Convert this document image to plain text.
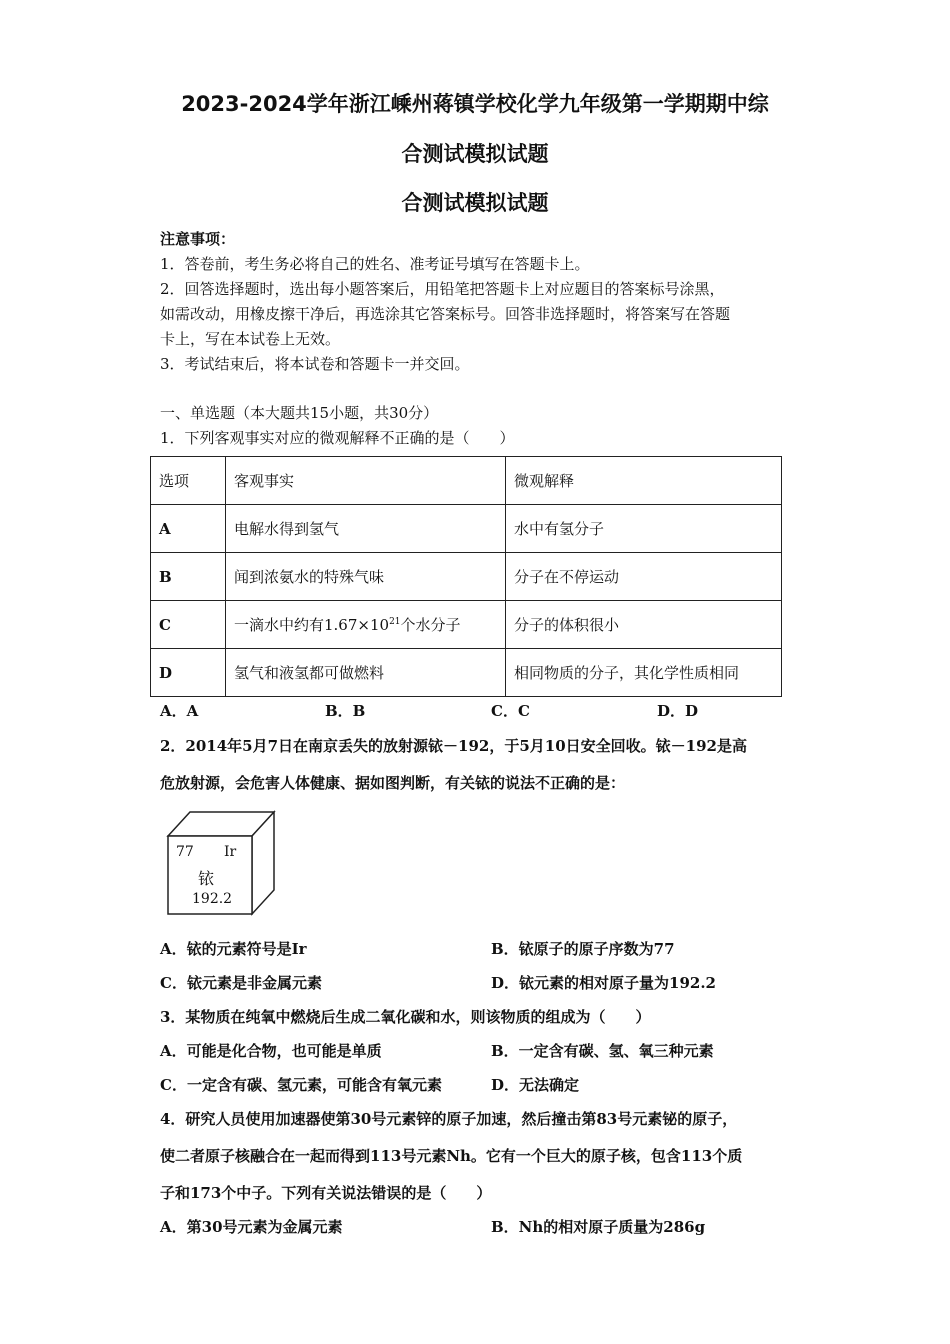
2023-2024学年浙江嵊州蒋镇学校化学九年级第一学期期中综
合测试模拟试题
合测试模拟试题
注意事项：
1．答卷前，考生务必将自己的姓名、准考证号填写在答题卡上。
2．回答选择题时，选出每小题答案后，用铅笔把答题卡上对应题目的答案标号涂黑，
如需改动，用橡皮擦干净后，再选涂其它答案标号。回答非选择题时，将答案写在答题
卡上，写在本试卷上无效。
3．考试结束后，将本试卷和答题卡一并交回。
一、单选题（本大题共15小题，共30分）
1．下列客观事实对应的微观解释不正确的是（　　）
选项	客观事实	微观解释
A	电解水得到氢气	水中有氢分子
B	闻到浓氨水的特殊气味	分子在不停运动
C	一滴水中约有$1.67\times 10^{21}$个水分子	分子的体积很小
D	氢气和液氢都可做燃料	相同物质的分子，其化学性质相同
A．A	B．B	C．C	D．D
2．2014年5月7日在南京丢失的放射源铱－192，于5月10日安全回收。铱－192是高
危放射源，会危害人体健康、据如图判断，有关铱的说法不正确的是：
77 Ir
铱
192.2
A．铱的元素符号是Ir	B．铱原子的原子序数为77
C．铱元素是非金属元素	D．铱元素的相对原子量为192.2
3．某物质在纯氧中燃烧后生成二氧化碳和水，则该物质的组成为（　　）
A．可能是化合物，也可能是单质	B．一定含有碳、氢、氧三种元素
C．一定含有碳、氢元素，可能含有氧元素	D．无法确定
4．研究人员使用加速器使第30号元素锌的原子加速，然后撞击第83号元素铋的原子，
使二者原子核融合在一起而得到113号元素Nh。它有一个巨大的原子核，包含113个质
子和173个中子。下列有关说法错误的是（　　）
A．第30号元素为金属元素	B．Nh的相对原子质量为286g
